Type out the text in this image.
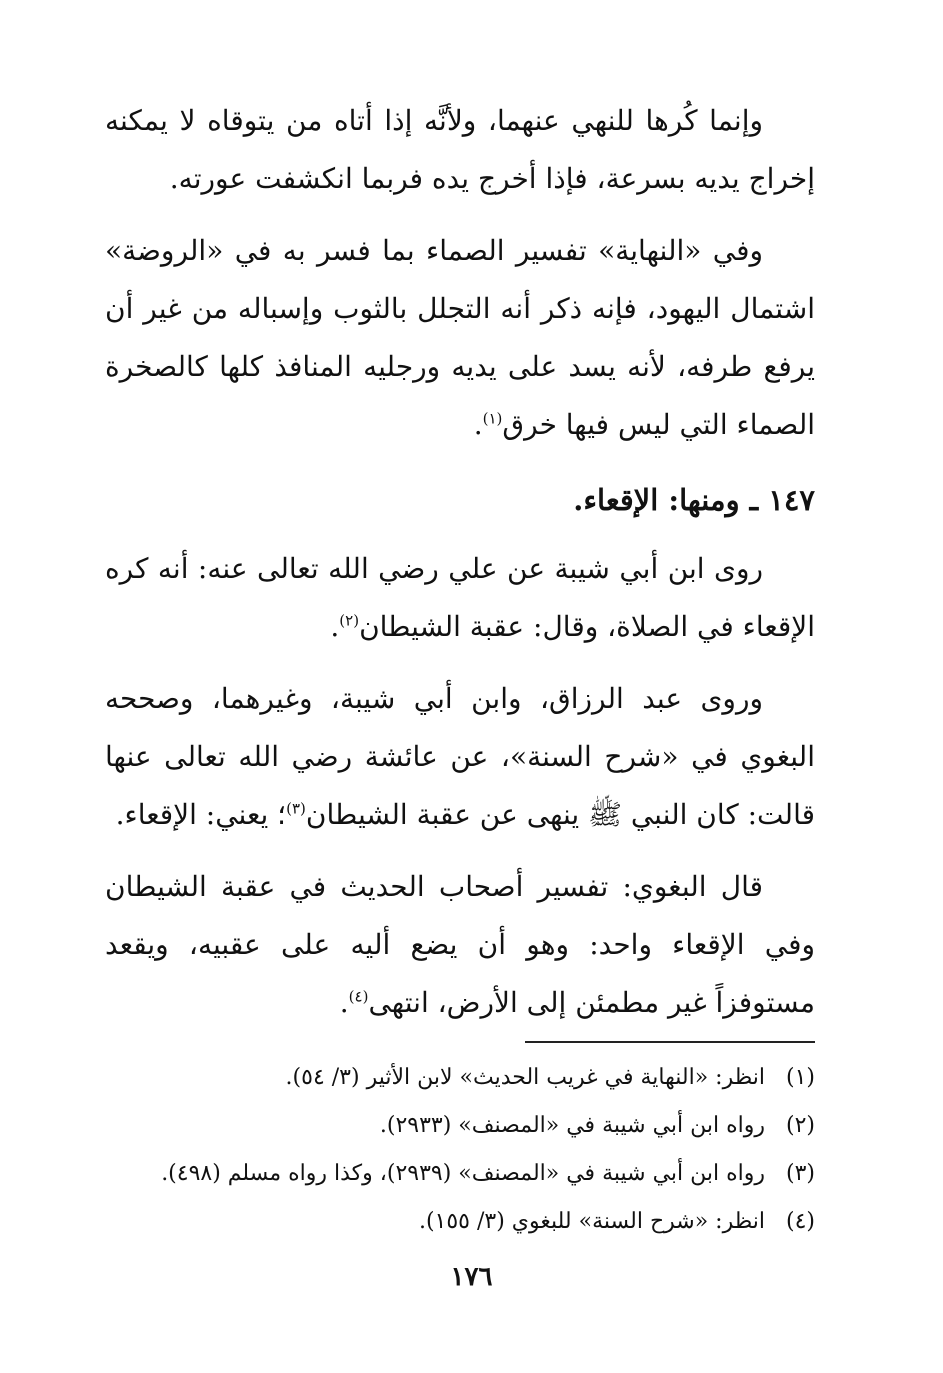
وإنما كُرها للنهي عنهما، ولأنَّه إذا أتاه من يتوقاه لا يمكنه إخراج يديه بسرعة، فإذا أخرج يده فربما انكشفت عورته.

وفي «النهاية» تفسير الصماء بما فسر به في «الروضة» اشتمال اليهود، فإنه ذكر أنه التجلل بالثوب وإسباله من غير أن يرفع طرفه، لأنه يسد على يديه ورجليه المنافذ كلها كالصخرة الصماء التي ليس فيها خرق$^{(١)}$.

١٤٧ ـ ومنها: الإقعاء.

روى ابن أبي شيبة عن علي رضي الله تعالى عنه: أنه كره الإقعاء في الصلاة، وقال: عقبة الشيطان$^{(٢)}$.

وروى عبد الرزاق، وابن أبي شيبة، وغيرهما، وصححه البغوي في «شرح السنة»، عن عائشة رضي الله تعالى عنها قالت: كان النبي ﷺ ينهى عن عقبة الشيطان$^{(٣)}$؛ يعني: الإقعاء.

قال البغوي: تفسير أصحاب الحديث في عقبة الشيطان وفي الإقعاء واحد: وهو أن يضع أليه على عقبيه، ويقعد مستوفزاً غير مطمئن إلى الأرض، انتهى$^{(٤)}$.

(١)انظر: «النهاية في غريب الحديث» لابن الأثير (٣/ ٥٤).
(٢)رواه ابن أبي شيبة في «المصنف» (٢٩٣٣).
(٣)رواه ابن أبي شيبة في «المصنف» (٢٩٣٩)، وكذا رواه مسلم (٤٩٨).
(٤)انظر: «شرح السنة» للبغوي (٣/ ١٥٥).
١٧٦
